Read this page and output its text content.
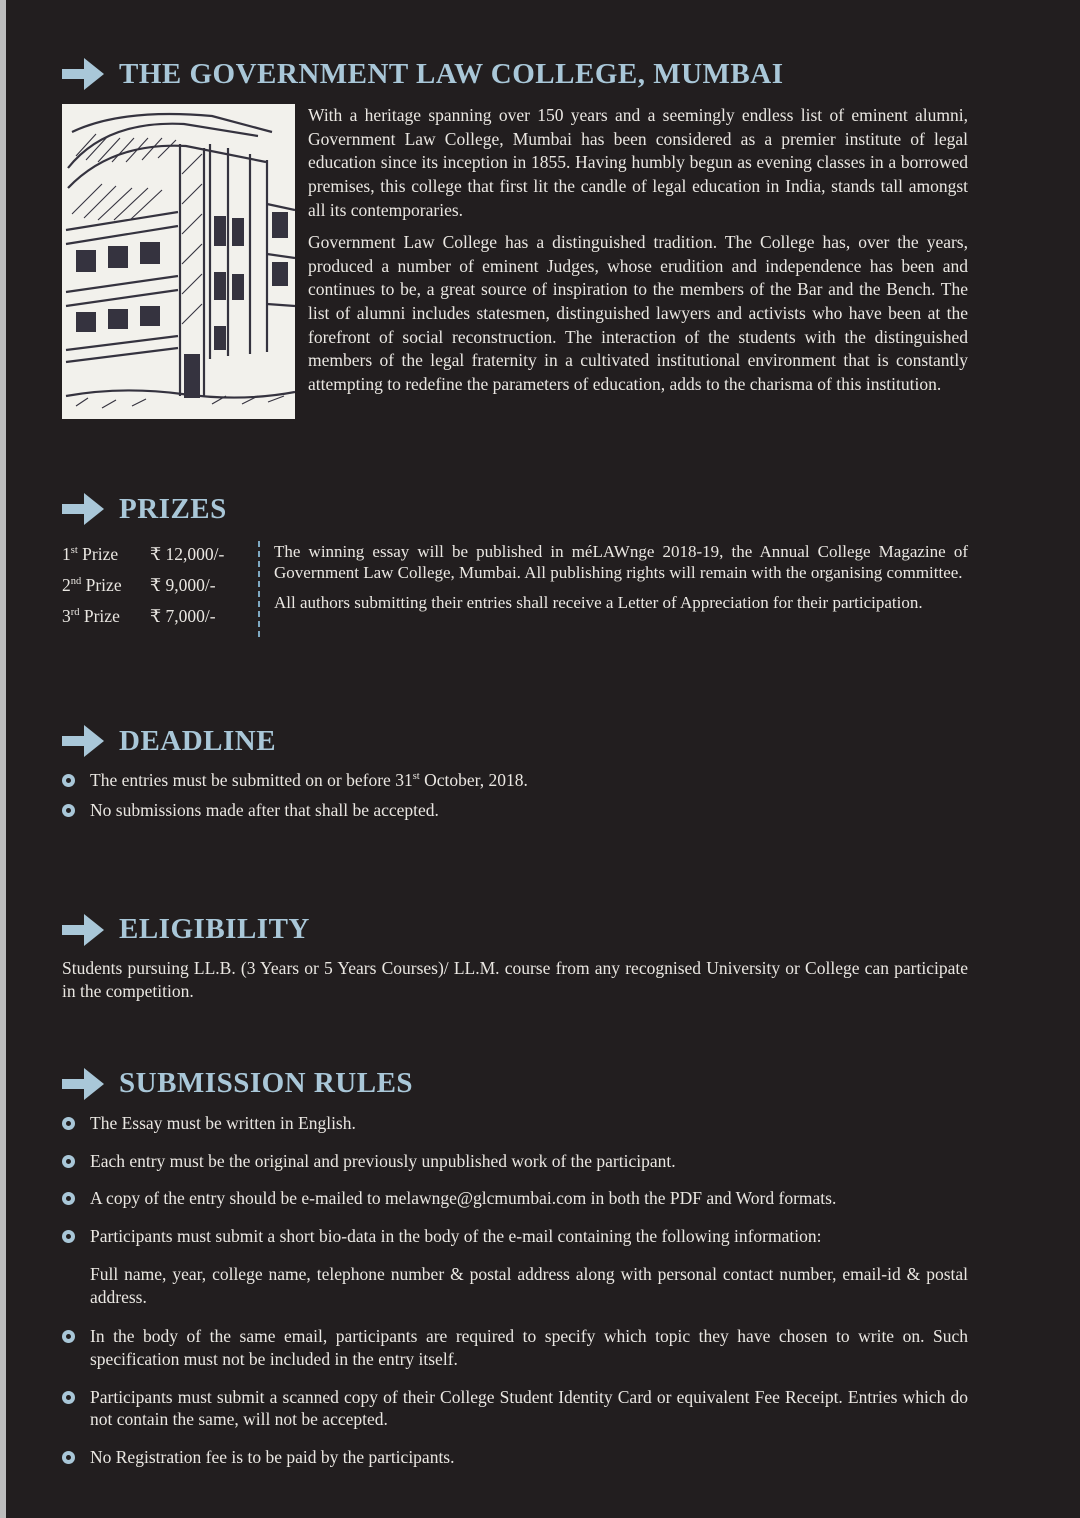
THE GOVERNMENT LAW COLLEGE, MUMBAI

With a heritage spanning over 150 years and a seemingly endless list of eminent alumni, Government Law College, Mumbai has been considered as a premier institute of legal education since its inception in 1855. Having humbly begun as evening classes in a borrowed premises, this college that first lit the candle of legal education in India, stands tall amongst all its contemporaries.

Government Law College has a distinguished tradition. The College has, over the years, produced a number of eminent Judges, whose erudition and independence has been and continues to be, a great source of inspiration to the members of the Bar and the Bench. The list of alumni includes statesmen, distinguished lawyers and activists who have been at the forefront of social reconstruction. The interaction of the students with the distinguished members of the legal fraternity in a cultivated institutional environment that is constantly attempting to redefine the parameters of education, adds to the charisma of this institution.

PRIZES
1st Prize	₹ 12,000/-
2nd Prize	₹ 9,000/-
3rd Prize	₹ 7,000/-

The winning essay will be published in méLAWnge 2018-19, the Annual College Magazine of Government Law College, Mumbai. All publishing rights will remain with the organising committee.

All authors submitting their entries shall receive a Letter of Appreciation for their participation.

DEADLINE
The entries must be submitted on or before 31st October, 2018.
No submissions made after that shall be accepted.
ELIGIBILITY

Students pursuing LL.B. (3 Years or 5 Years Courses)/ LL.M. course from any recognised University or College can participate in the competition.

SUBMISSION RULES
The Essay must be written in English.
Each entry must be the original and previously unpublished work of the participant.
A copy of the entry should be e-mailed to melawnge@glcmumbai.com in both the PDF and Word formats.
Participants must submit a short bio-data in the body of the e-mail containing the following information:

Full name, year, college name, telephone number & postal address along with personal contact number, email-id & postal address.

In the body of the same email, participants are required to specify which topic they have chosen to write on. Such specification must not be included in the entry itself.
Participants must submit a scanned copy of their College Student Identity Card or equivalent Fee Receipt. Entries which do not contain the same, will not be accepted.
No Registration fee is to be paid by the participants.
